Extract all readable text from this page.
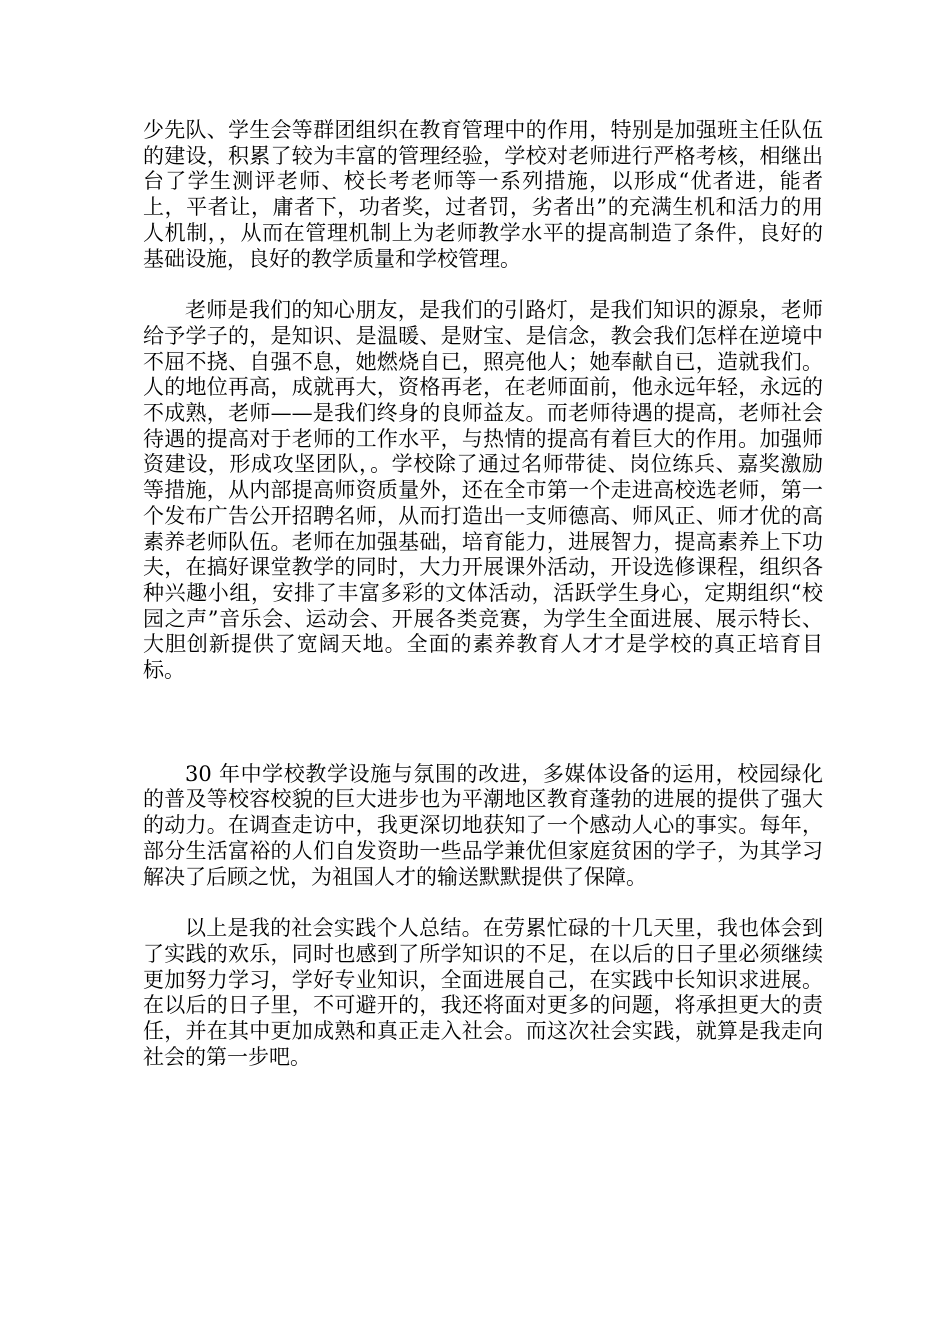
少先队、学生会等群团组织在教育管理中的作用，特别是加强班主任队伍的建设，积累了较为丰富的管理经验，学校对老师进行严格考核，相继出台了学生测评老师、校长考老师等一系列措施，以形成“优者进，能者上，平者让，庸者下，功者奖，过者罚，劣者出”的充满生机和活力的用人机制，，从而在管理机制上为老师教学水平的提高制造了条件，良好的基础设施，良好的教学质量和学校管理。

老师是我们的知心朋友，是我们的引路灯，是我们知识的源泉，老师给予学子的，是知识、是温暖、是财宝、是信念，教会我们怎样在逆境中不屈不挠、自强不息，她燃烧自已，照亮他人；她奉献自已，造就我们。人的地位再高，成就再大，资格再老，在老师面前，他永远年轻，永远的不成熟，老师——是我们终身的良师益友。而老师待遇的提高，老师社会待遇的提高对于老师的工作水平，与热情的提高有着巨大的作用。加强师资建设，形成攻坚团队，。学校除了通过名师带徒、岗位练兵、嘉奖激励等措施，从内部提高师资质量外，还在全市第一个走进高校选老师，第一个发布广告公开招聘名师，从而打造出一支师德高、师风正、师才优的高素养老师队伍。老师在加强基础，培育能力，进展智力，提高素养上下功夫，在搞好课堂教学的同时，大力开展课外活动，开设选修课程，组织各种兴趣小组，安排了丰富多彩的文体活动，活跃学生身心，定期组织“校园之声”音乐会、运动会、开展各类竞赛，为学生全面进展、展示特长、大胆创新提供了宽阔天地。全面的素养教育人才才是学校的真正培育目标。

30 年中学校教学设施与氛围的改进，多媒体设备的运用，校园绿化的普及等校容校貌的巨大进步也为平潮地区教育蓬勃的进展的提供了强大的动力。在调查走访中，我更深切地获知了一个感动人心的事实。每年，部分生活富裕的人们自发资助一些品学兼优但家庭贫困的学子，为其学习解决了后顾之忧，为祖国人才的输送默默提供了保障。

以上是我的社会实践个人总结。在劳累忙碌的十几天里，我也体会到了实践的欢乐，同时也感到了所学知识的不足，在以后的日子里必须继续更加努力学习，学好专业知识，全面进展自己，在实践中长知识求进展。在以后的日子里，不可避开的，我还将面对更多的问题，将承担更大的责任，并在其中更加成熟和真正走入社会。而这次社会实践，就算是我走向社会的第一步吧。
